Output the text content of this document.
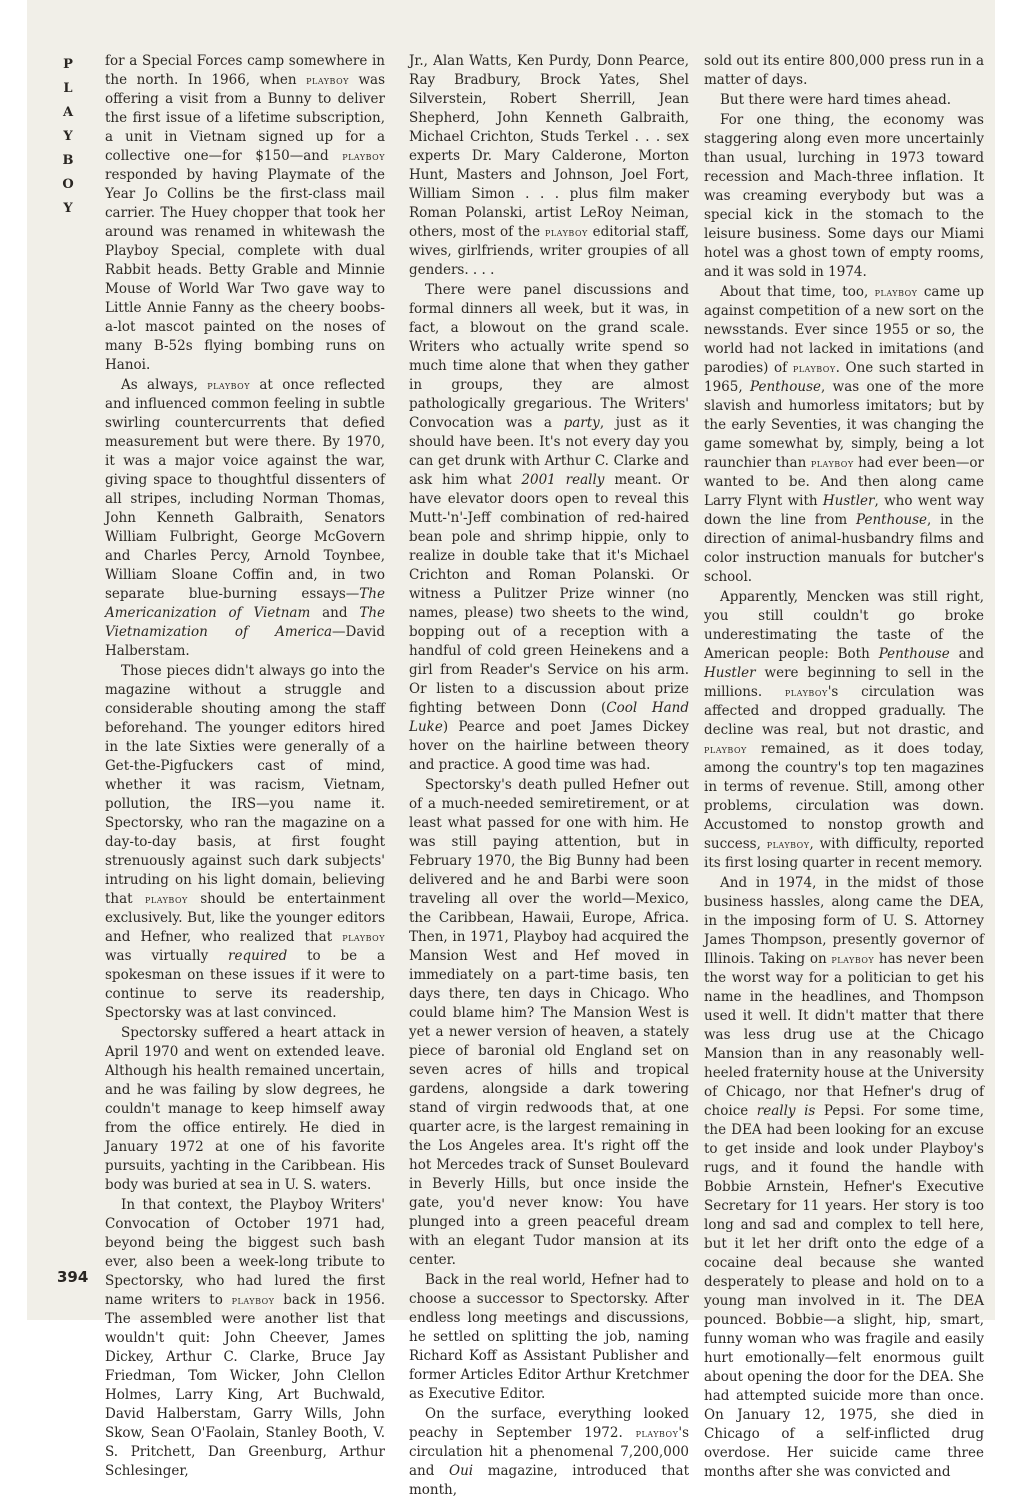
P
L
A
Y
B
O
Y
394

for a Special Forces camp somewhere in the north. In 1966, when playboy was offering a visit from a Bunny to deliver the first issue of a lifetime subscription, a unit in Vietnam signed up for a collective one—for $150—and playboy responded by having Playmate of the Year Jo Collins be the first-class mail carrier. The Huey chopper that took her around was renamed in whitewash the Playboy Special, complete with dual Rabbit heads. Betty Grable and Minnie Mouse of World War Two gave way to Little Annie Fanny as the cheery boobs-a-lot mascot painted on the noses of many B-52s flying bombing runs on Hanoi.

As always, playboy at once reflected and influenced common feeling in subtle swirling countercurrents that defied measurement but were there. By 1970, it was a major voice against the war, giving space to thoughtful dissenters of all stripes, including Norman Thomas, John Kenneth Galbraith, Senators William Fulbright, George McGovern and Charles Percy, Arnold Toynbee, William Sloane Coffin and, in two separate blue-burning essays—The Americanization of Vietnam and The Vietnamization of America—David Halberstam.

Those pieces didn't always go into the magazine without a struggle and considerable shouting among the staff beforehand. The younger editors hired in the late Sixties were generally of a Get-the-Pigfuckers cast of mind, whether it was racism, Vietnam, pollution, the IRS—you name it. Spectorsky, who ran the magazine on a day-to-day basis, at first fought strenuously against such dark subjects' intruding on his light domain, believing that playboy should be entertainment exclusively. But, like the younger editors and Hefner, who realized that playboy was virtually required to be a spokesman on these issues if it were to continue to serve its readership, Spectorsky was at last convinced.

Spectorsky suffered a heart attack in April 1970 and went on extended leave. Although his health remained uncertain, and he was failing by slow degrees, he couldn't manage to keep himself away from the office entirely. He died in January 1972 at one of his favorite pursuits, yachting in the Caribbean. His body was buried at sea in U. S. waters.

In that context, the Playboy Writers' Convocation of October 1971 had, beyond being the biggest such bash ever, also been a week-long tribute to Spectorsky, who had lured the first name writers to playboy back in 1956. The assembled were another list that wouldn't quit: John Cheever, James Dickey, Arthur C. Clarke, Bruce Jay Friedman, Tom Wicker, John Clellon Holmes, Larry King, Art Buchwald, David Halberstam, Garry Wills, John Skow, Sean O'Faolain, Stanley Booth, V. S. Pritchett, Dan Greenburg, Arthur Schlesinger,

Jr., Alan Watts, Ken Purdy, Donn Pearce, Ray Bradbury, Brock Yates, Shel Silverstein, Robert Sherrill, Jean Shepherd, John Kenneth Galbraith, Michael Crichton, Studs Terkel . . . sex experts Dr. Mary Calderone, Morton Hunt, Masters and Johnson, Joel Fort, William Simon . . . plus film maker Roman Polanski, artist LeRoy Neiman, others, most of the playboy editorial staff, wives, girlfriends, writer groupies of all genders. . . .

There were panel discussions and formal dinners all week, but it was, in fact, a blowout on the grand scale. Writers who actually write spend so much time alone that when they gather in groups, they are almost pathologically gregarious. The Writers' Convocation was a party, just as it should have been. It's not every day you can get drunk with Arthur C. Clarke and ask him what 2001 really meant. Or have elevator doors open to reveal this Mutt-'n'-Jeff combination of red-haired bean pole and shrimp hippie, only to realize in double take that it's Michael Crichton and Roman Polanski. Or witness a Pulitzer Prize winner (no names, please) two sheets to the wind, bopping out of a reception with a handful of cold green Heinekens and a girl from Reader's Service on his arm. Or listen to a discussion about prize fighting between Donn (Cool Hand Luke) Pearce and poet James Dickey hover on the hairline between theory and practice. A good time was had.

Spectorsky's death pulled Hefner out of a much-needed semiretirement, or at least what passed for one with him. He was still paying attention, but in February 1970, the Big Bunny had been delivered and he and Barbi were soon traveling all over the world—Mexico, the Caribbean, Hawaii, Europe, Africa. Then, in 1971, Playboy had acquired the Mansion West and Hef moved in immediately on a part-time basis, ten days there, ten days in Chicago. Who could blame him? The Mansion West is yet a newer version of heaven, a stately piece of baronial old England set on seven acres of hills and tropical gardens, alongside a dark towering stand of virgin redwoods that, at one quarter acre, is the largest remaining in the Los Angeles area. It's right off the hot Mercedes track of Sunset Boulevard in Beverly Hills, but once inside the gate, you'd never know: You have plunged into a green peaceful dream with an elegant Tudor mansion at its center.

Back in the real world, Hefner had to choose a successor to Spectorsky. After endless long meetings and discussions, he settled on splitting the job, naming Richard Koff as Assistant Publisher and former Articles Editor Arthur Kretchmer as Executive Editor.

On the surface, everything looked peachy in September 1972. playboy's circulation hit a phenomenal 7,200,000 and Oui magazine, introduced that month,

sold out its entire 800,000 press run in a matter of days.

But there were hard times ahead.

For one thing, the economy was staggering along even more uncertainly than usual, lurching in 1973 toward recession and Mach-three inflation. It was creaming everybody but was a special kick in the stomach to the leisure business. Some days our Miami hotel was a ghost town of empty rooms, and it was sold in 1974.

About that time, too, playboy came up against competition of a new sort on the newsstands. Ever since 1955 or so, the world had not lacked in imitations (and parodies) of playboy. One such started in 1965, Penthouse, was one of the more slavish and humorless imitators; but by the early Seventies, it was changing the game somewhat by, simply, being a lot raunchier than playboy had ever been—or wanted to be. And then along came Larry Flynt with Hustler, who went way down the line from Penthouse, in the direction of animal-husbandry films and color instruction manuals for butcher's school.

Apparently, Mencken was still right, you still couldn't go broke underestimating the taste of the American people: Both Penthouse and Hustler were beginning to sell in the millions. playboy's circulation was affected and dropped gradually. The decline was real, but not drastic, and playboy remained, as it does today, among the country's top ten magazines in terms of revenue. Still, among other problems, circulation was down. Accustomed to nonstop growth and success, playboy, with difficulty, reported its first losing quarter in recent memory.

And in 1974, in the midst of those business hassles, along came the DEA, in the imposing form of U. S. Attorney James Thompson, presently governor of Illinois. Taking on playboy has never been the worst way for a politician to get his name in the headlines, and Thompson used it well. It didn't matter that there was less drug use at the Chicago Mansion than in any reasonably well-heeled fraternity house at the University of Chicago, nor that Hefner's drug of choice really is Pepsi. For some time, the DEA had been looking for an excuse to get inside and look under Playboy's rugs, and it found the handle with Bobbie Arnstein, Hefner's Executive Secretary for 11 years. Her story is too long and sad and complex to tell here, but it let her drift onto the edge of a cocaine deal because she wanted desperately to please and hold on to a young man involved in it. The DEA pounced. Bobbie—a slight, hip, smart, funny woman who was fragile and easily hurt emotionally—felt enormous guilt about opening the door for the DEA. She had attempted suicide more than once. On January 12, 1975, she died in Chicago of a self-inflicted drug overdose. Her suicide came three months after she was convicted and
